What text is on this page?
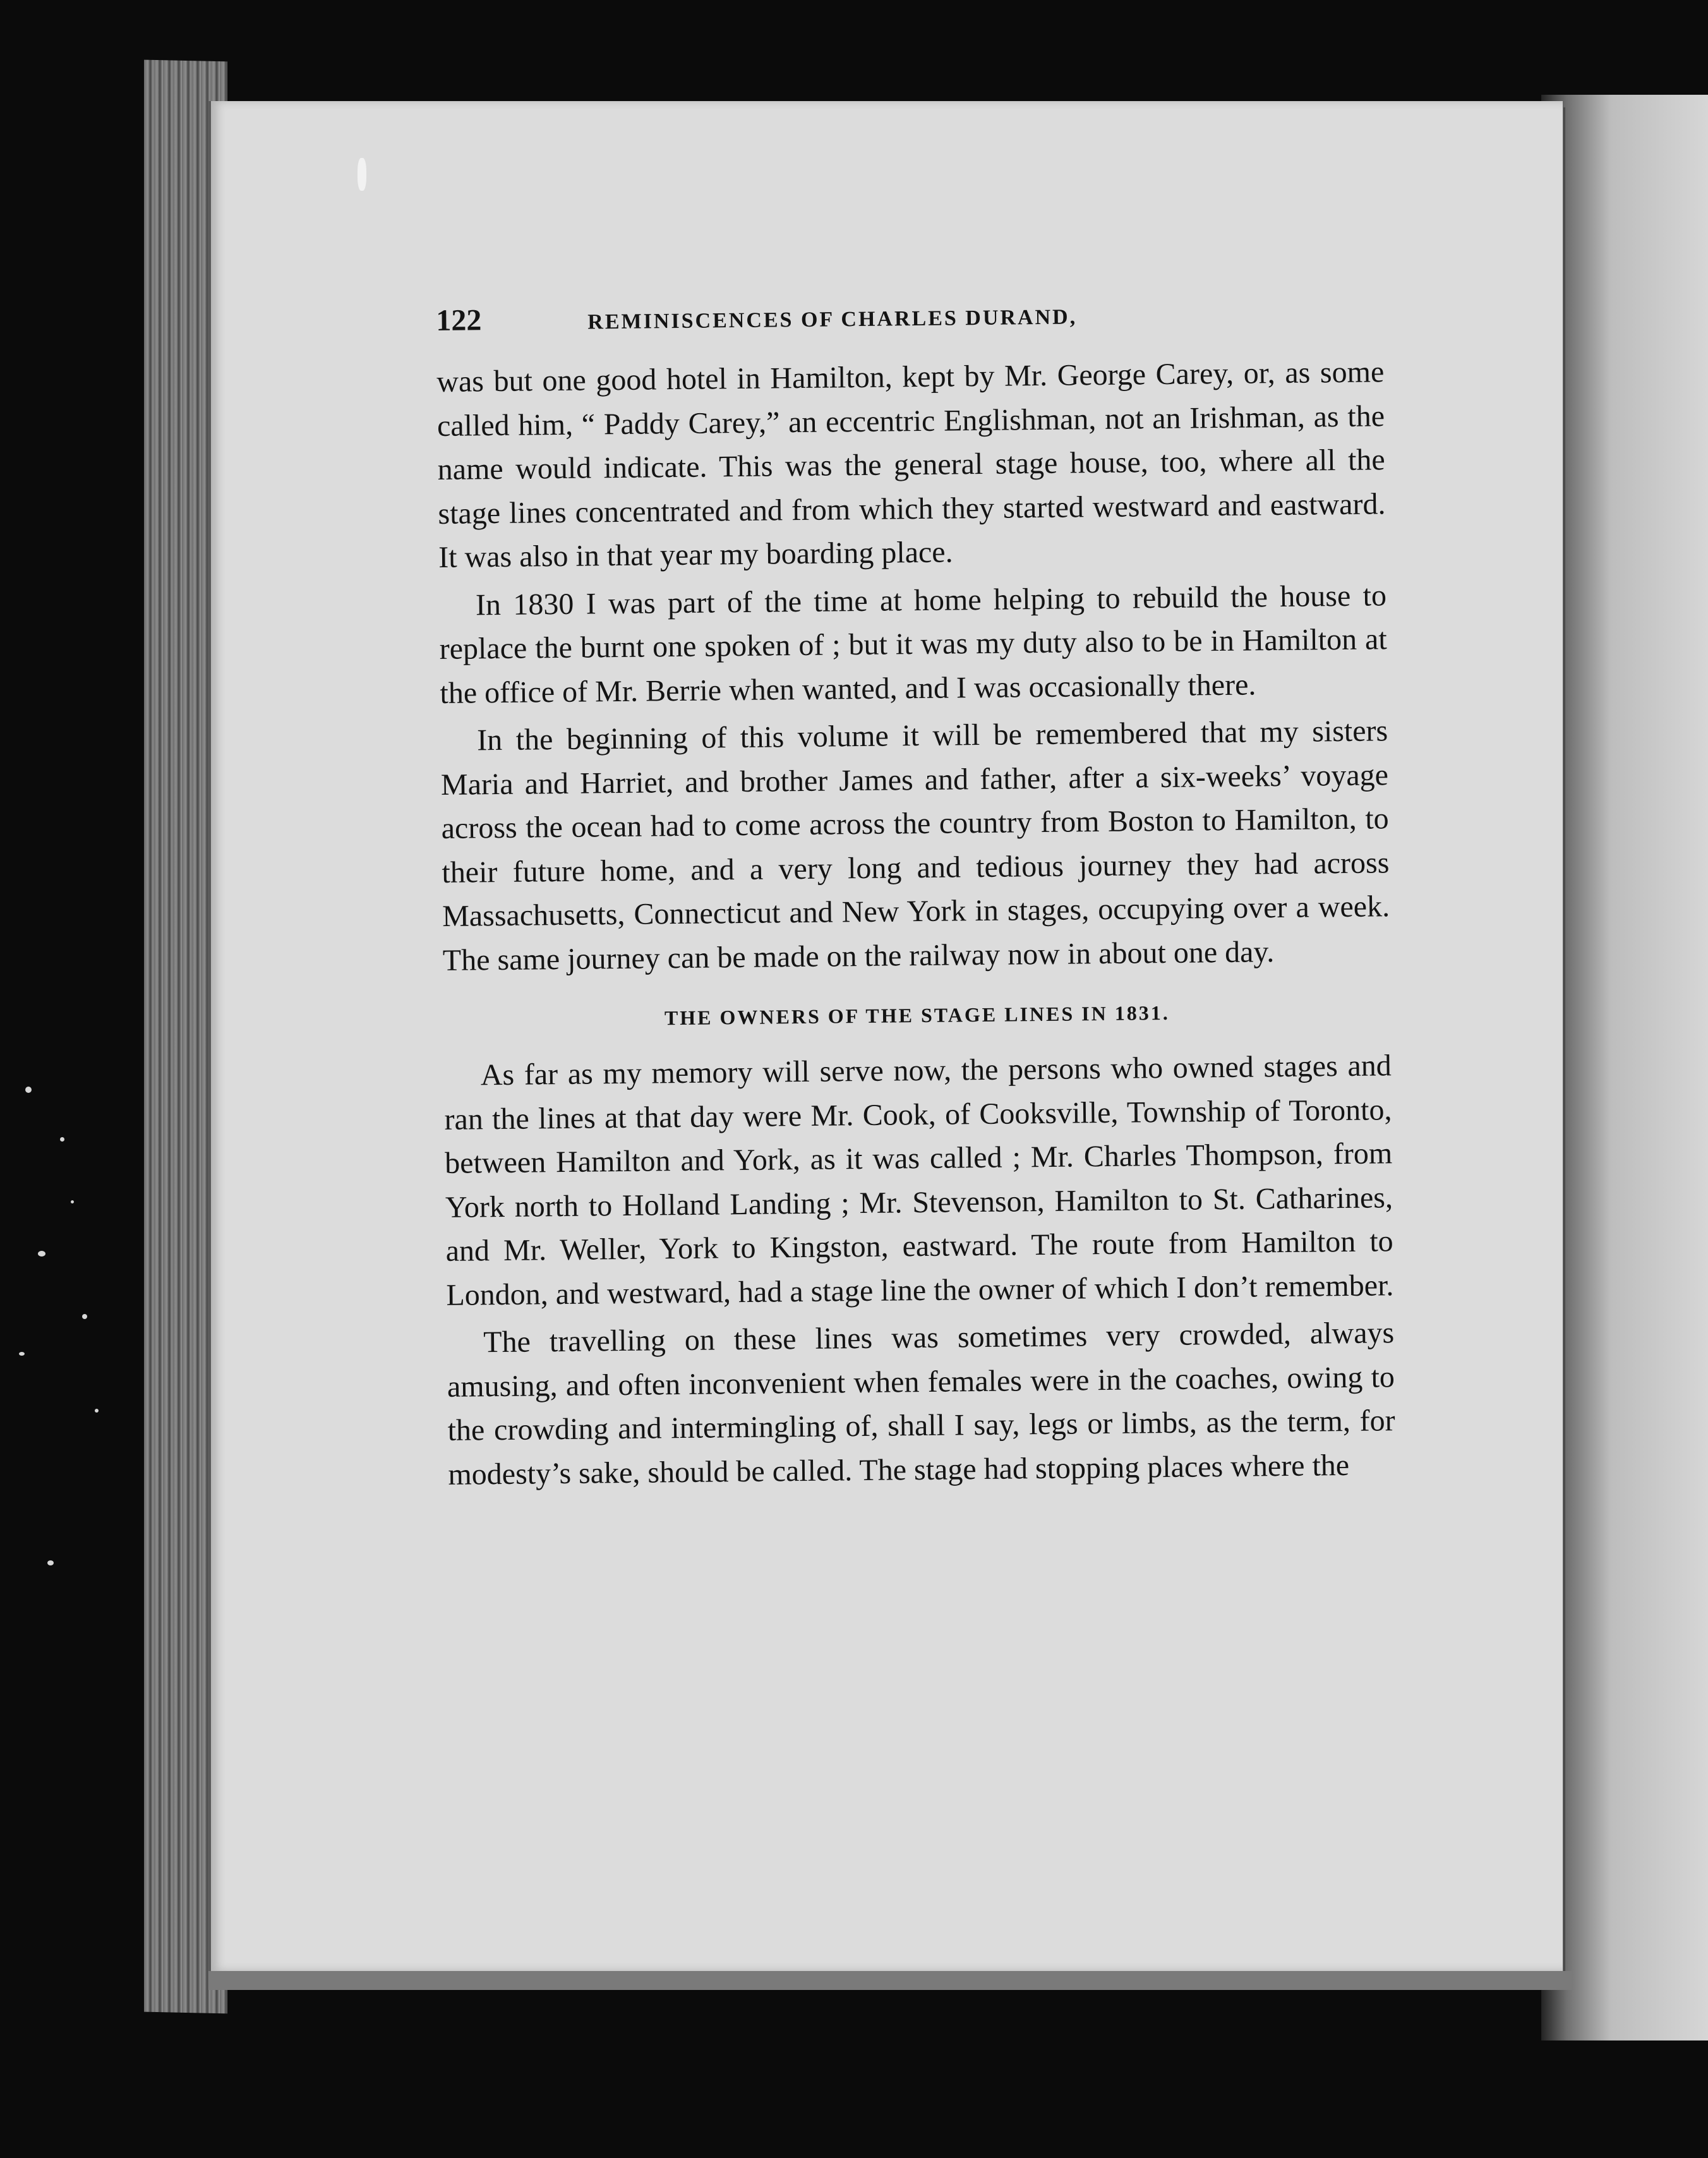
122	REMINISCENCES OF CHARLES DURAND,

was but one good hotel in Hamilton, kept by Mr. George Carey, or, as some called him, “ Paddy Carey,” an eccentric Englishman, not an Irishman, as the name would indicate. This was the general stage house, too, where all the stage lines concentrated and from which they started westward and eastward. It was also in that year my boarding place.

In 1830 I was part of the time at home helping to rebuild the house to replace the burnt one spoken of ; but it was my duty also to be in Hamilton at the office of Mr. Berrie when wanted, and I was occasionally there.

In the beginning of this volume it will be remembered that my sisters Maria and Harriet, and brother James and father, after a six-weeks’ voyage across the ocean had to come across the country from Boston to Hamilton, to their future home, and a very long and tedious journey they had across Massachusetts, Connecticut and New York in stages, occupying over a week. The same journey can be made on the railway now in about one day.

THE OWNERS OF THE STAGE LINES IN 1831.

As far as my memory will serve now, the persons who owned stages and ran the lines at that day were Mr. Cook, of Cooksville, Township of Toronto, between Hamilton and York, as it was called ; Mr. Charles Thompson, from York north to Holland Landing ; Mr. Stevenson, Hamilton to St. Catharines, and Mr. Weller, York to Kingston, eastward. The route from Hamilton to London, and westward, had a stage line the owner of which I don’t remember.

The travelling on these lines was sometimes very crowded, always amusing, and often inconvenient when females were in the coaches, owing to the crowding and intermingling of, shall I say, legs or limbs, as the term, for modesty’s sake, should be called. The stage had stopping places where the
